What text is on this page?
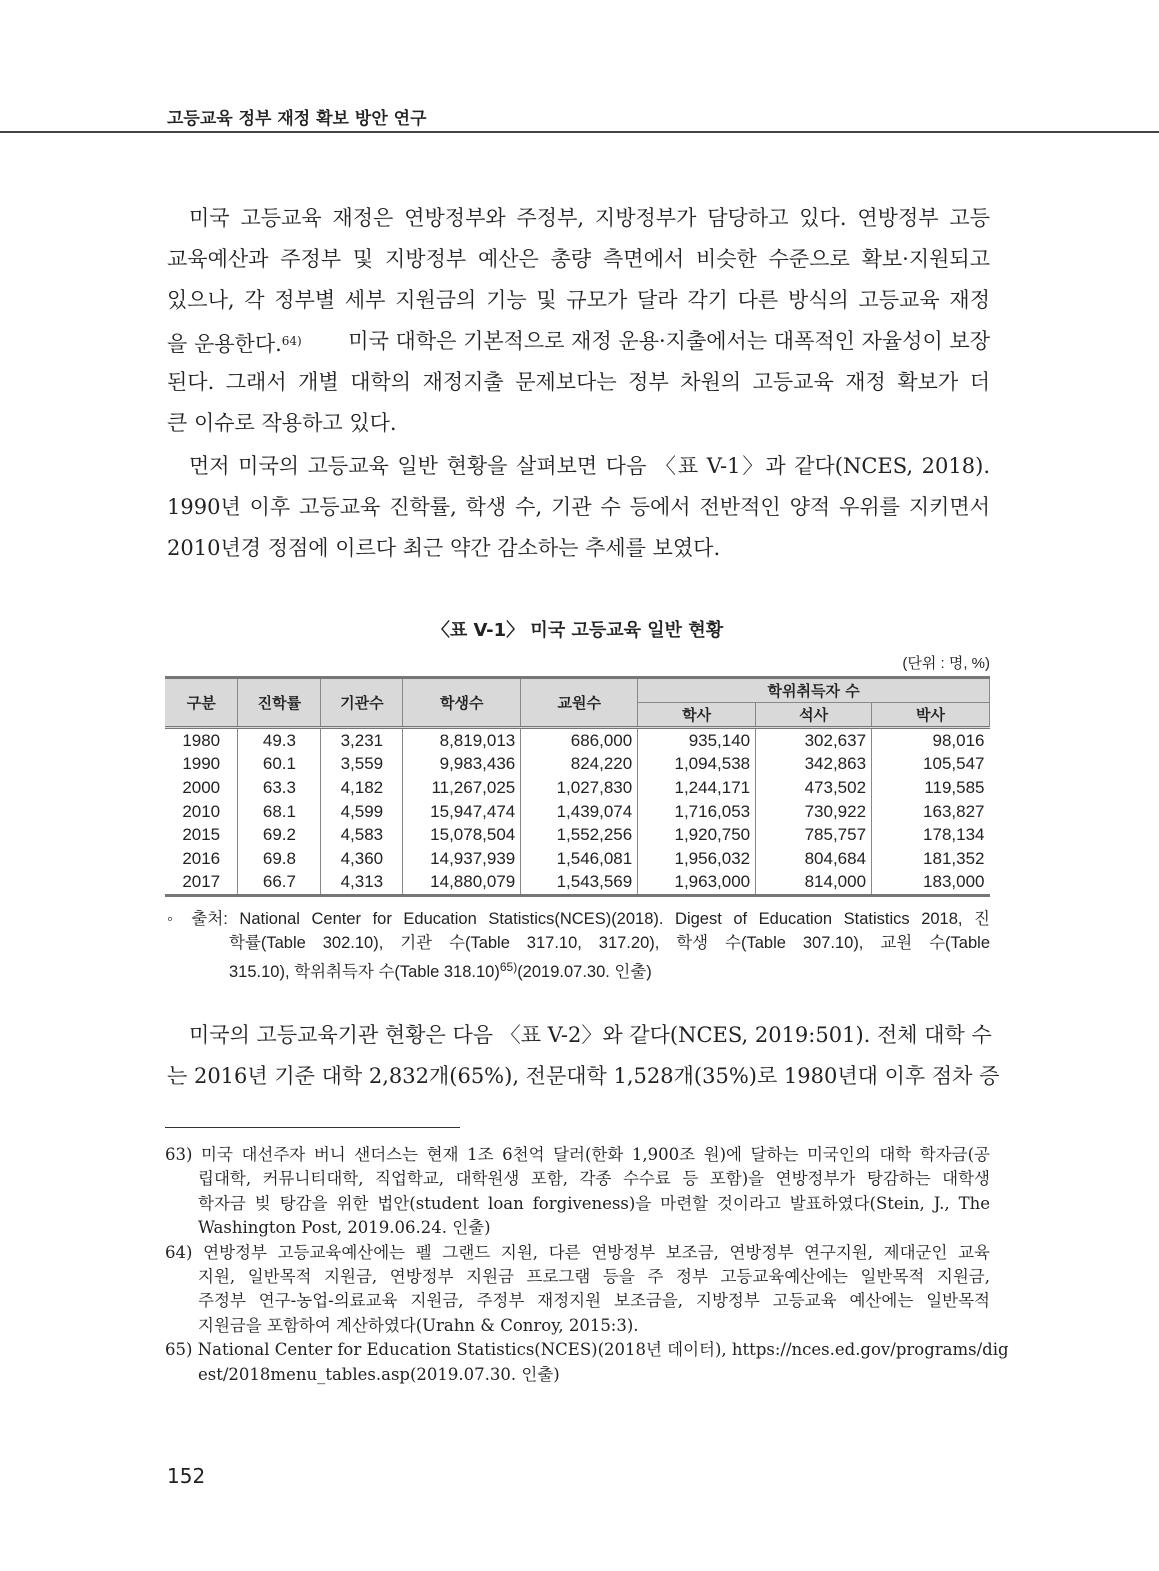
고등교육 정부 재정 확보 방안 연구
미국 고등교육 재정은 연방정부와 주정부, 지방정부가 담당하고 있다. 연방정부 고등
교육예산과 주정부 및 지방정부 예산은 총량 측면에서 비슷한 수준으로 확보·지원되고
있으나, 각 정부별 세부 지원금의 기능 및 규모가 달라 각기 다른 방식의 고등교육 재정
을 운용한다.$^{64)}$ 미국 대학은 기본적으로 재정 운용·지출에서는 대폭적인 자율성이 보장
된다. 그래서 개별 대학의 재정지출 문제보다는 정부 차원의 고등교육 재정 확보가 더
큰 이슈로 작용하고 있다.
먼저 미국의 고등교육 일반 현황을 살펴보면 다음 〈표 V-1〉과 같다(NCES, 2018).
1990년 이후 고등교육 진학률, 학생 수, 기관 수 등에서 전반적인 양적 우위를 지키면서
2010년경 정점에 이르다 최근 약간 감소하는 추세를 보였다.
〈표 V-1〉 미국 고등교육 일반 현황
(단위 : 명, %)
구분	진학률	기관수	학생수	교원수	학위취득자 수		
					학사	석사	박사
1980	49.3	3,231	8,819,013	686,000	935,140	302,637	98,016
1990	60.1	3,559	9,983,436	824,220	1,094,538	342,863	105,547
2000	63.3	4,182	11,267,025	1,027,830	1,244,171	473,502	119,585
2010	68.1	4,599	15,947,474	1,439,074	1,716,053	730,922	163,827
2015	69.2	4,583	15,078,504	1,552,256	1,920,750	785,757	178,134
2016	69.8	4,360	14,937,939	1,546,081	1,956,032	804,684	181,352
2017	66.7	4,313	14,880,079	1,543,569	1,963,000	814,000	183,000
◦ 출처: National Center for Education Statistics(NCES)(2018). Digest of Education Statistics 2018, 진
학률(Table 302.10), 기관 수(Table 317.10, 317.20), 학생 수(Table 307.10), 교원 수(Table
315.10), 학위취득자 수(Table 318.10)$^{65)}$(2019.07.30. 인출)
미국의 고등교육기관 현황은 다음 〈표 V-2〉와 같다(NCES, 2019:501). 전체 대학 수
는 2016년 기준 대학 2,832개(65%), 전문대학 1,528개(35%)로 1980년대 이후 점차 증
63) 미국 대선주자 버니 샌더스는 현재 1조 6천억 달러(한화 1,900조 원)에 달하는 미국인의 대학 학자금(공
립대학, 커뮤니티대학, 직업학교, 대학원생 포함, 각종 수수료 등 포함)을 연방정부가 탕감하는 대학생
학자금 빚 탕감을 위한 법안(student loan forgiveness)을 마련할 것이라고 발표하였다(Stein, J., The
Washington Post, 2019.06.24. 인출)
64) 연방정부 고등교육예산에는 펠 그랜드 지원, 다른 연방정부 보조금, 연방정부 연구지원, 제대군인 교육
지원, 일반목적 지원금, 연방정부 지원금 프로그램 등을 주 정부 고등교육예산에는 일반목적 지원금,
주정부 연구-농업-의료교육 지원금, 주정부 재정지원 보조금을, 지방정부 고등교육 예산에는 일반목적
지원금을 포함하여 계산하였다(Urahn & Conroy, 2015:3).
65) National Center for Education Statistics(NCES)(2018년 데이터), https://nces.ed.gov/programs/dig
est/2018menu_tables.asp(2019.07.30. 인출)
152
